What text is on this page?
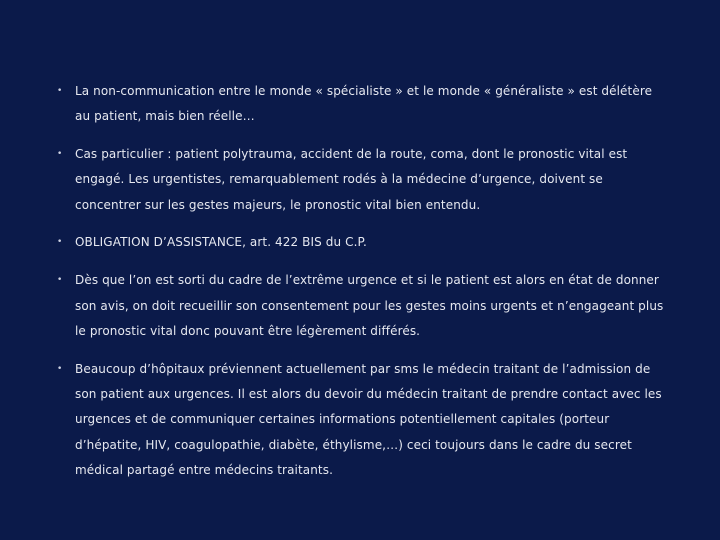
• La non-communication entre le monde « spécialiste » et le monde « généraliste » est délétère au patient, mais bien réelle…
• Cas particulier : patient polytrauma, accident de la route, coma, dont le pronostic vital est engagé. Les urgentistes, remarquablement rodés à la médecine d’urgence, doivent se concentrer sur les gestes majeurs, le pronostic vital bien entendu.
• OBLIGATION D’ASSISTANCE, art. 422 BIS du C.P.
• Dès que l’on est sorti du cadre de l’extrême urgence et si le patient est alors en état de donner son avis, on doit recueillir son consentement pour les gestes moins urgents et n’engageant plus le pronostic vital donc pouvant être légèrement différés.
• Beaucoup d’hôpitaux préviennent actuellement par sms le médecin traitant de l’admission de son patient aux urgences. Il est alors du devoir du médecin traitant de prendre contact avec les urgences et de communiquer certaines informations potentiellement capitales (porteur d’hépatite, HIV, coagulopathie, diabète, éthylisme,…) ceci toujours dans le cadre du secret médical partagé entre médecins traitants.
